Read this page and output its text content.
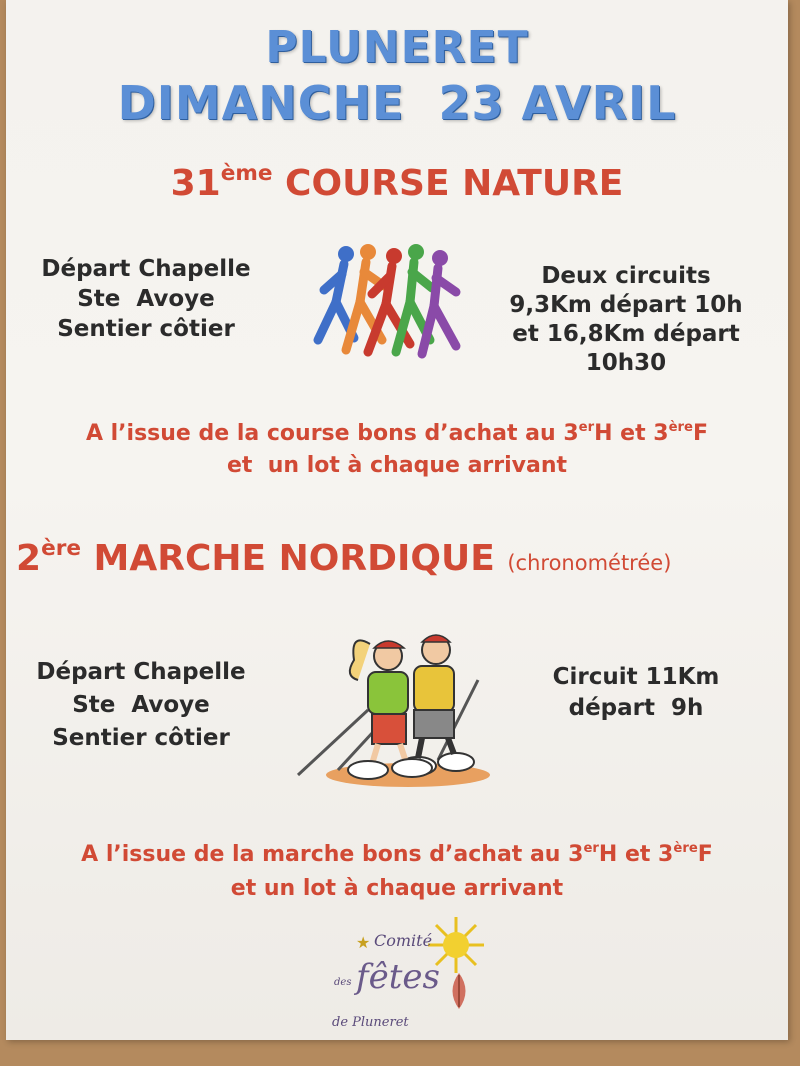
PLUNERET
DIMANCHE  23 AVRIL
31ème COURSE NATURE
Départ Chapelle
Ste  Avoye
Sentier côtier
Deux circuits
9,3Km départ 10h
et 16,8Km départ
10h30
A l’issue de la course bons d’achat au 3erH et 3èreF
et  un lot à chaque arrivant
2ère MARCHE NORDIQUE (chronométrée)
Départ Chapelle
Ste  Avoye
Sentier côtier
Circuit 11Km
départ  9h
A l’issue de la marche bons d’achat au 3erH et 3èreF
et un lot à chaque arrivant
★ Comité
des fêtes
de Pluneret
